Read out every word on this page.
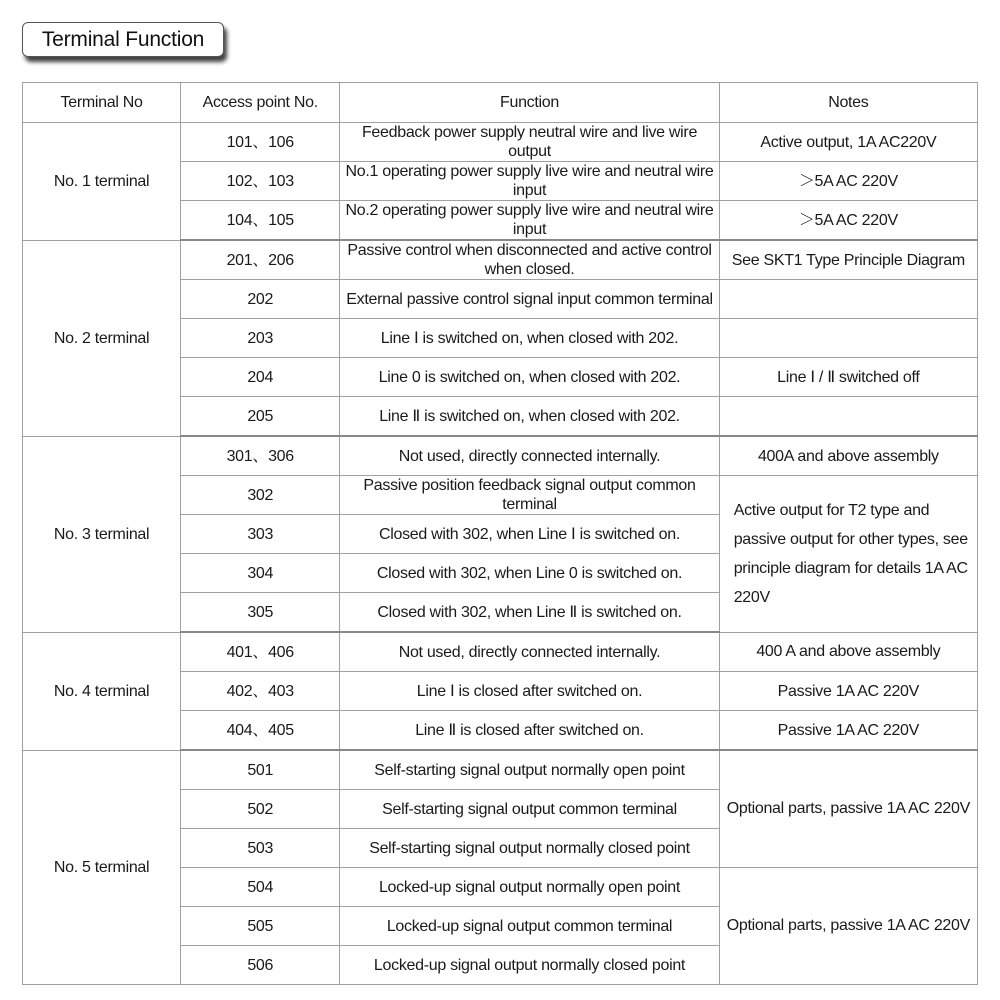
Terminal Function
Terminal No	Access point No.	Function	Notes
No. 1 terminal	101、106	Feedback power supply neutral wire and live wire output	Active output, 1A AC220V
	102、103	No.1 operating power supply live wire and neutral wire input	＞5A AC 220V
	104、105	No.2 operating power supply live wire and neutral wire input	＞5A AC 220V
No. 2 terminal	201、206	Passive control when disconnected and active control when closed.	See SKT1 Type Principle Diagram
	202	External passive control signal input common terminal	
	203	Line Ⅰ is switched on, when closed with 202.	
	204	Line 0 is switched on, when closed with 202.	Line Ⅰ / Ⅱ switched off
	205	Line Ⅱ is switched on, when closed with 202.	
No. 3 terminal	301、306	Not used, directly connected internally.	400A and above assembly
	302	Passive position feedback signal output common terminal	Active output for T2 type and passive output for other types, see principle diagram for details 1A AC 220V
	303	Closed with 302, when Line Ⅰ is switched on.	
	304	Closed with 302, when Line 0 is switched on.	
	305	Closed with 302, when Line Ⅱ is switched on.	
No. 4 terminal	401、406	Not used, directly connected internally.	400 A and above assembly
	402、403	Line Ⅰ is closed after switched on.	Passive 1A AC 220V
	404、405	Line Ⅱ is closed after switched on.	Passive 1A AC 220V
No. 5 terminal	501	Self-starting signal output normally open point	Optional parts, passive 1A AC 220V
	502	Self-starting signal output common terminal	
	503	Self-starting signal output normally closed point	
	504	Locked-up signal output normally open point	Optional parts, passive 1A AC 220V
	505	Locked-up signal output common terminal	
	506	Locked-up signal output normally closed point	
